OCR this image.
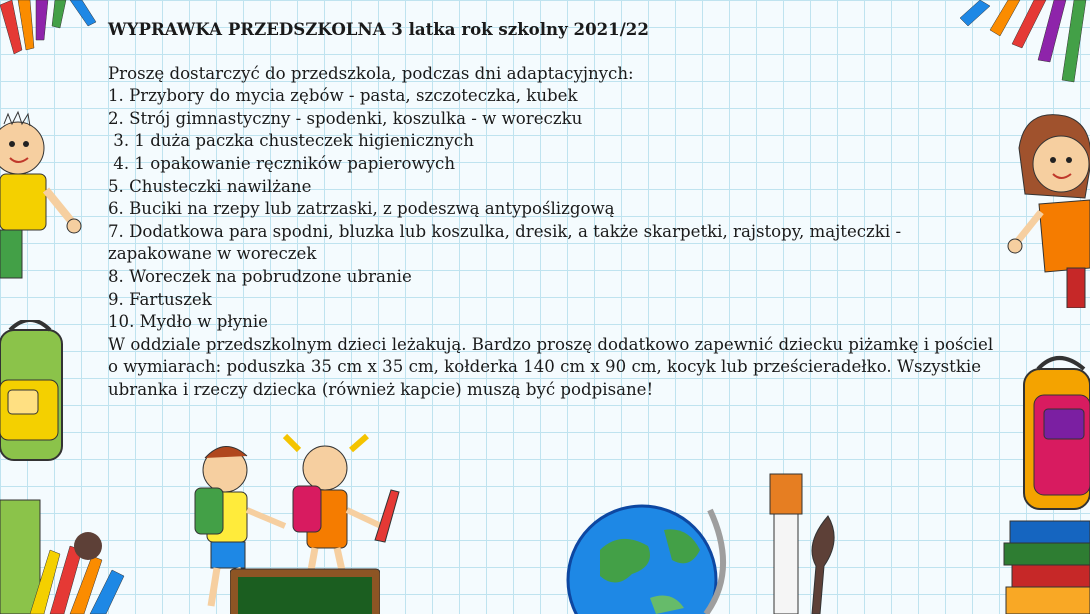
WYPRAWKA PRZEDSZKOLNA 3 latka rok szkolny 2021/22
Proszę dostarczyć do przedszkola, podczas dni adaptacyjnych:
1. Przybory do mycia zębów - pasta, szczoteczka, kubek
2. Strój gimnastyczny - spodenki, koszulka - w woreczku
3. 1 duża paczka chusteczek higienicznych
4. 1 opakowanie ręczników papierowych
5. Chusteczki nawilżane
6. Buciki na rzepy lub zatrzaski, z podeszwą antypoślizgową
7. Dodatkowa para spodni, bluzka lub koszulka, dresik, a także skarpetki, rajstopy, majteczki - zapakowane w woreczek
8. Woreczek na pobrudzone ubranie
9. Fartuszek
10. Mydło w płynie
W oddziale przedszkolnym dzieci leżakują. Bardzo proszę dodatkowo zapewnić dziecku piżamkę i pościel o wymiarach: poduszka 35 cm x 35 cm, kołderka 140 cm x 90 cm, kocyk lub prześcieradełko. Wszystkie ubranka i rzeczy dziecka (również kapcie) muszą być podpisane!
